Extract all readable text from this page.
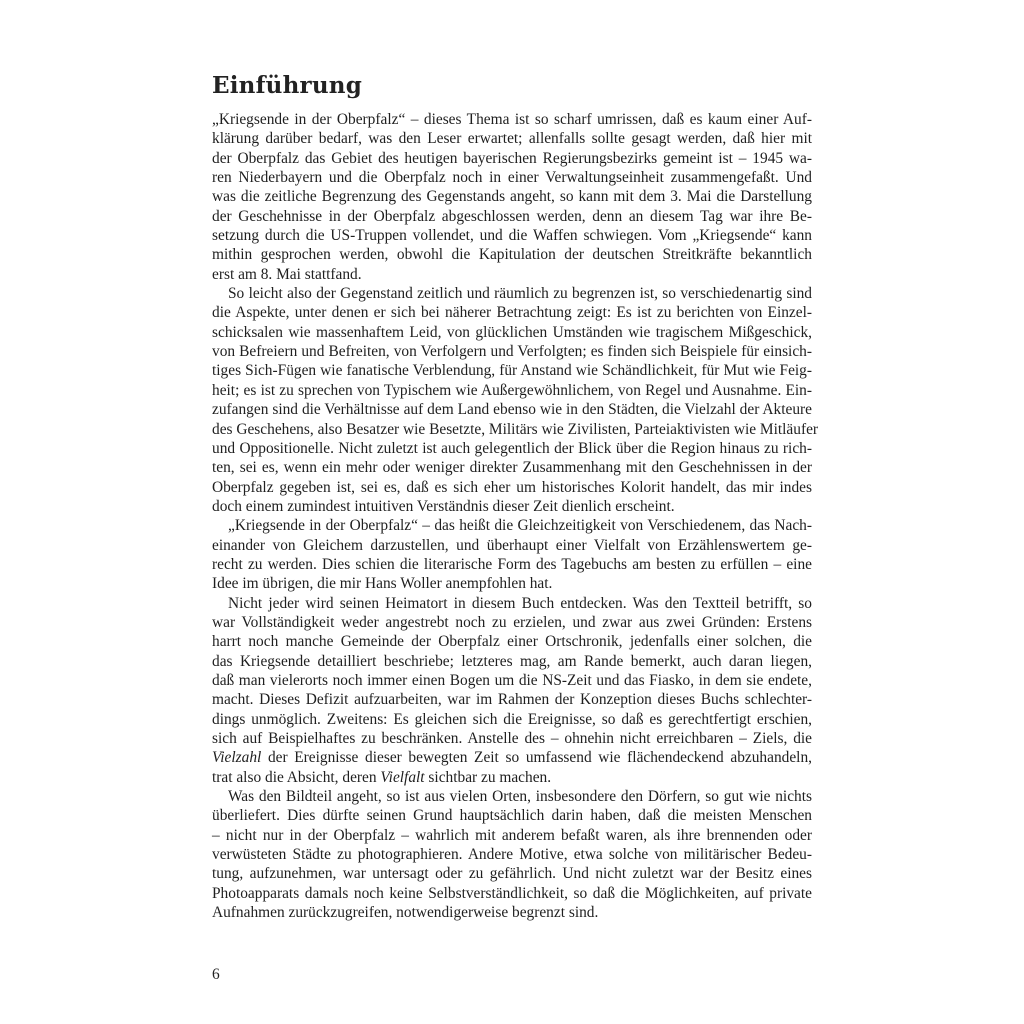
Einführung

„Kriegsende in der Oberpfalz“ – dieses Thema ist so scharf umrissen, daß es kaum einer Auf-
klärung darüber bedarf, was den Leser erwartet; allenfalls sollte gesagt werden, daß hier mit
der Oberpfalz das Gebiet des heutigen bayerischen Regierungsbezirks gemeint ist – 1945 wa-
ren Niederbayern und die Oberpfalz noch in einer Verwaltungseinheit zusammengefaßt. Und
was die zeitliche Begrenzung des Gegenstands angeht, so kann mit dem 3. Mai die Darstellung
der Geschehnisse in der Oberpfalz abgeschlossen werden, denn an diesem Tag war ihre Be-
setzung durch die US-Truppen vollendet, und die Waffen schwiegen. Vom „Kriegsende“ kann
mithin gesprochen werden, obwohl die Kapitulation der deutschen Streitkräfte bekanntlich
erst am 8. Mai stattfand.

So leicht also der Gegenstand zeitlich und räumlich zu begrenzen ist, so verschiedenartig sind
die Aspekte, unter denen er sich bei näherer Betrachtung zeigt: Es ist zu berichten von Einzel-
schicksalen wie massenhaftem Leid, von glücklichen Umständen wie tragischem Mißgeschick,
von Befreiern und Befreiten, von Verfolgern und Verfolgten; es finden sich Beispiele für einsich-
tiges Sich-Fügen wie fanatische Verblendung, für Anstand wie Schändlichkeit, für Mut wie Feig-
heit; es ist zu sprechen von Typischem wie Außergewöhnlichem, von Regel und Ausnahme. Ein-
zufangen sind die Verhältnisse auf dem Land ebenso wie in den Städten, die Vielzahl der Akteure
des Geschehens, also Besatzer wie Besetzte, Militärs wie Zivilisten, Parteiaktivisten wie Mitläufer
und Oppositionelle. Nicht zuletzt ist auch gelegentlich der Blick über die Region hinaus zu rich-
ten, sei es, wenn ein mehr oder weniger direkter Zusammenhang mit den Geschehnissen in der
Oberpfalz gegeben ist, sei es, daß es sich eher um historisches Kolorit handelt, das mir indes
doch einem zumindest intuitiven Verständnis dieser Zeit dienlich erscheint.

„Kriegsende in der Oberpfalz“ – das heißt die Gleichzeitigkeit von Verschiedenem, das Nach-
einander von Gleichem darzustellen, und überhaupt einer Vielfalt von Erzählenswertem ge-
recht zu werden. Dies schien die literarische Form des Tagebuchs am besten zu erfüllen – eine
Idee im übrigen, die mir Hans Woller anempfohlen hat.

Nicht jeder wird seinen Heimatort in diesem Buch entdecken. Was den Textteil betrifft, so
war Vollständigkeit weder angestrebt noch zu erzielen, und zwar aus zwei Gründen: Erstens
harrt noch manche Gemeinde der Oberpfalz einer Ortschronik, jedenfalls einer solchen, die
das Kriegsende detailliert beschriebe; letzteres mag, am Rande bemerkt, auch daran liegen,
daß man vielerorts noch immer einen Bogen um die NS-Zeit und das Fiasko, in dem sie endete,
macht. Dieses Defizit aufzuarbeiten, war im Rahmen der Konzeption dieses Buchs schlechter-
dings unmöglich. Zweitens: Es gleichen sich die Ereignisse, so daß es gerechtfertigt erschien,
sich auf Beispielhaftes zu beschränken. Anstelle des – ohnehin nicht erreichbaren – Ziels, die
Vielzahl der Ereignisse dieser bewegten Zeit so umfassend wie flächendeckend abzuhandeln,
trat also die Absicht, deren Vielfalt sichtbar zu machen.

Was den Bildteil angeht, so ist aus vielen Orten, insbesondere den Dörfern, so gut wie nichts
überliefert. Dies dürfte seinen Grund hauptsächlich darin haben, daß die meisten Menschen
– nicht nur in der Oberpfalz – wahrlich mit anderem befaßt waren, als ihre brennenden oder
verwüsteten Städte zu photographieren. Andere Motive, etwa solche von militärischer Bedeu-
tung, aufzunehmen, war untersagt oder zu gefährlich. Und nicht zuletzt war der Besitz eines
Photoapparats damals noch keine Selbstverständlichkeit, so daß die Möglichkeiten, auf private
Aufnahmen zurückzugreifen, notwendigerweise begrenzt sind.

6
